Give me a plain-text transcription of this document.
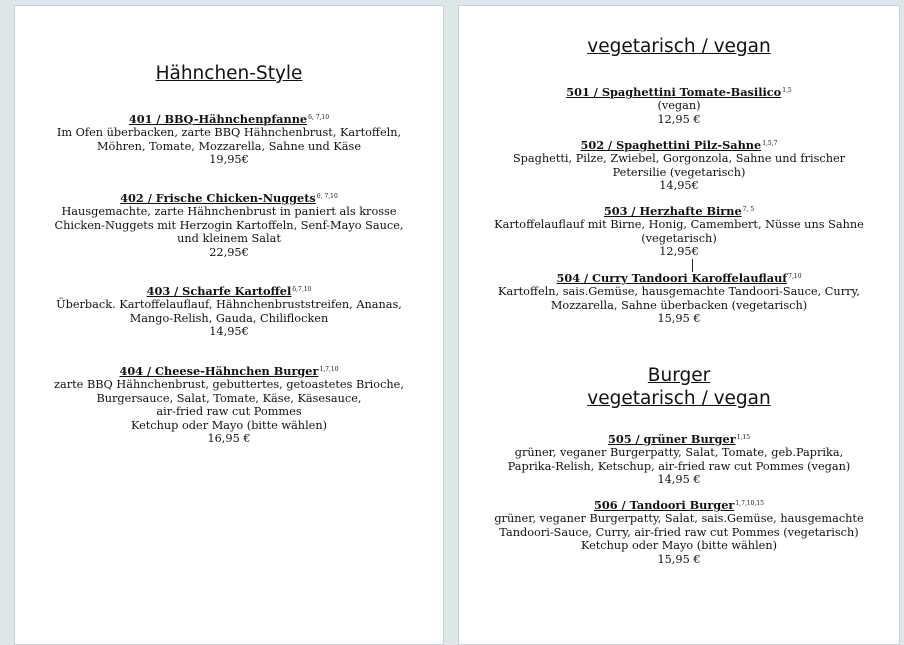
Hähnchen-Style
401 / BBQ-Hähnchenpfanne$^{6, 7,10}$
Im Ofen überbacken, zarte BBQ Hähnchenbrust, Kartoffeln,
Möhren, Tomate, Mozzarella, Sahne und Käse
19,95€
402 / Frische Chicken-Nuggets$^{6, 7,10}$
Hausgemachte, zarte Hähnchenbrust in paniert als krosse
Chicken-Nuggets mit Herzogin Kartoffeln, Senf-Mayo Sauce,
und kleinem Salat
22,95€
403 / Scharfe Kartoffel$^{6,7,10}$
Überback. Kartoffelauflauf, Hähnchenbruststreifen, Ananas,
Mango-Relish, Gauda, Chiliflocken
14,95€
404 / Cheese-Hähnchen Burger$^{1,7,10}$
zarte BBQ Hähnchenbrust, gebuttertes, getoastetes Brioche,
Burgersauce, Salat, Tomate, Käse, Käsesauce,
air-fried raw cut Pommes
Ketchup oder Mayo (bitte wählen)
16,95 €
vegetarisch / vegan
501 / Spaghettini Tomate-Basilico$^{1,5}$
(vegan)
12,95 €
502 / Spaghettini Pilz-Sahne$^{1,5,7}$
Spaghetti, Pilze, Zwiebel, Gorgonzola, Sahne und frischer
Petersilie (vegetarisch)
14,95€
503 / Herzhafte Birne$^{7, 5}$
Kartoffelauflauf mit Birne, Honig, Camembert, Nüsse uns Sahne
(vegetarisch)
12,95€
504 / Curry Tandoori Karoffelauflauf$^{7,10}$
Kartoffeln, sais.Gemüse, hausgemachte Tandoori-Sauce, Curry,
Mozzarella, Sahne überbacken (vegetarisch)
15,95 €
Burger
vegetarisch / vegan
505 / grüner Burger$^{1,15}$
grüner, veganer Burgerpatty, Salat, Tomate, geb.Paprika,
Paprika-Relish, Ketschup, air-fried raw cut Pommes (vegan)
14,95 €
506 / Tandoori Burger$^{1,7,10,15}$
grüner, veganer Burgerpatty, Salat, sais.Gemüse, hausgemachte
Tandoori-Sauce, Curry, air-fried raw cut Pommes (vegetarisch)
Ketchup oder Mayo (bitte wählen)
15,95 €
